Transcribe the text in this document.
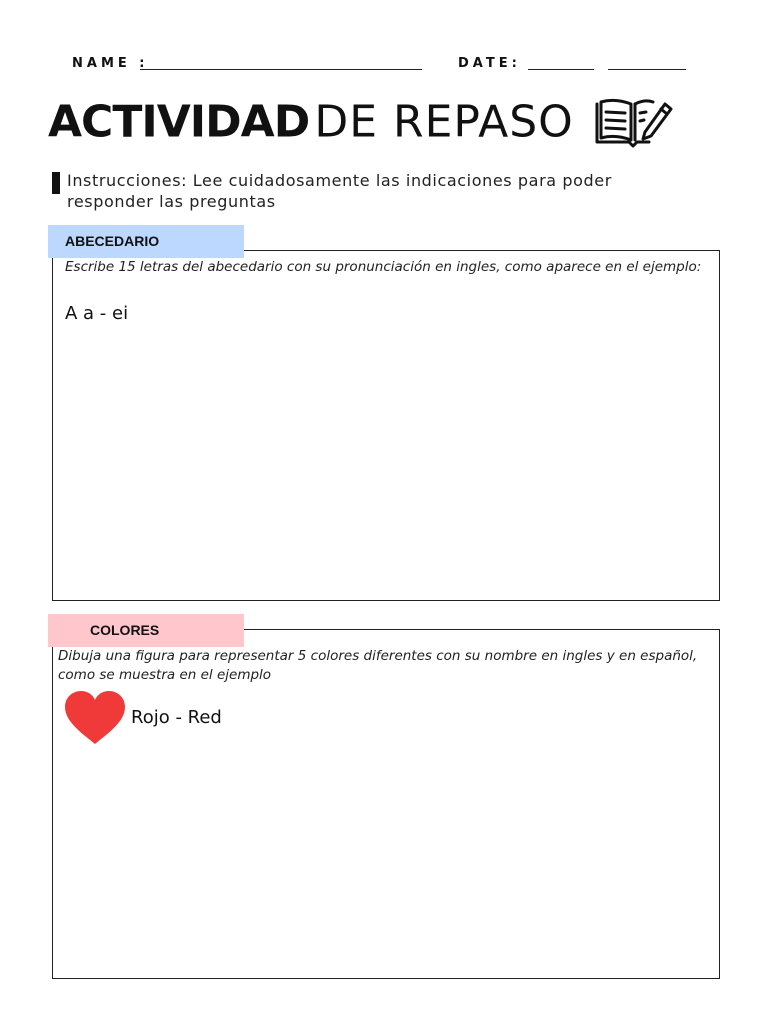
NAME :	DATE:
ACTIVIDAD DE REPASO
Instrucciones: Lee cuidadosamente las indicaciones para poder responder las preguntas
ABECEDARIO
Escribe 15 letras del abecedario con su pronunciación en ingles, como aparece en el ejemplo:
A a - ei
COLORES
Dibuja una figura para representar 5 colores diferentes con su nombre en ingles y en español, como se muestra en el ejemplo
Rojo - Red
